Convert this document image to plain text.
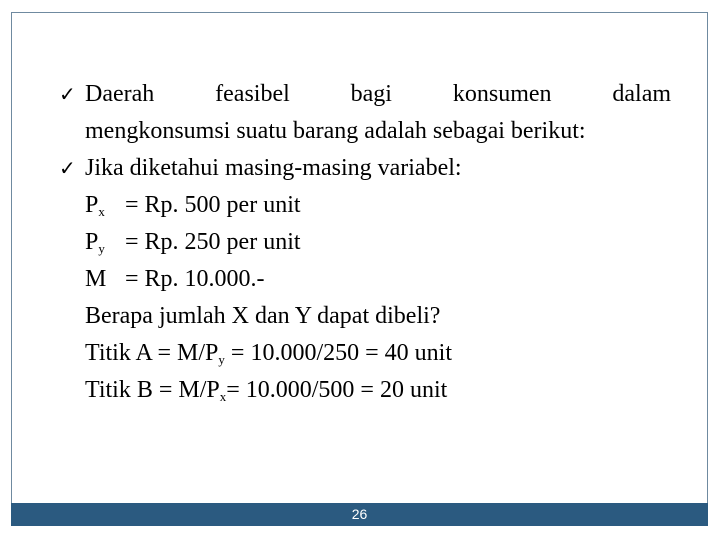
✓ Daerah	feasibel	bagi	konsumen	dalam
mengkonsumsi suatu barang adalah sebagai berikut:
✓ Jika diketahui masing-masing variabel:
$P_x = Rp$. 500 per unit
$P_y = Rp$. 250 per unit
M = Rp. 10.000.-
Berapa jumlah X dan Y dapat dibeli?
Titik $A = M/P_y = 10.000/250 = 40$ unit
Titik $B = M/P_x= 10.000/500 = 20$ unit
26
